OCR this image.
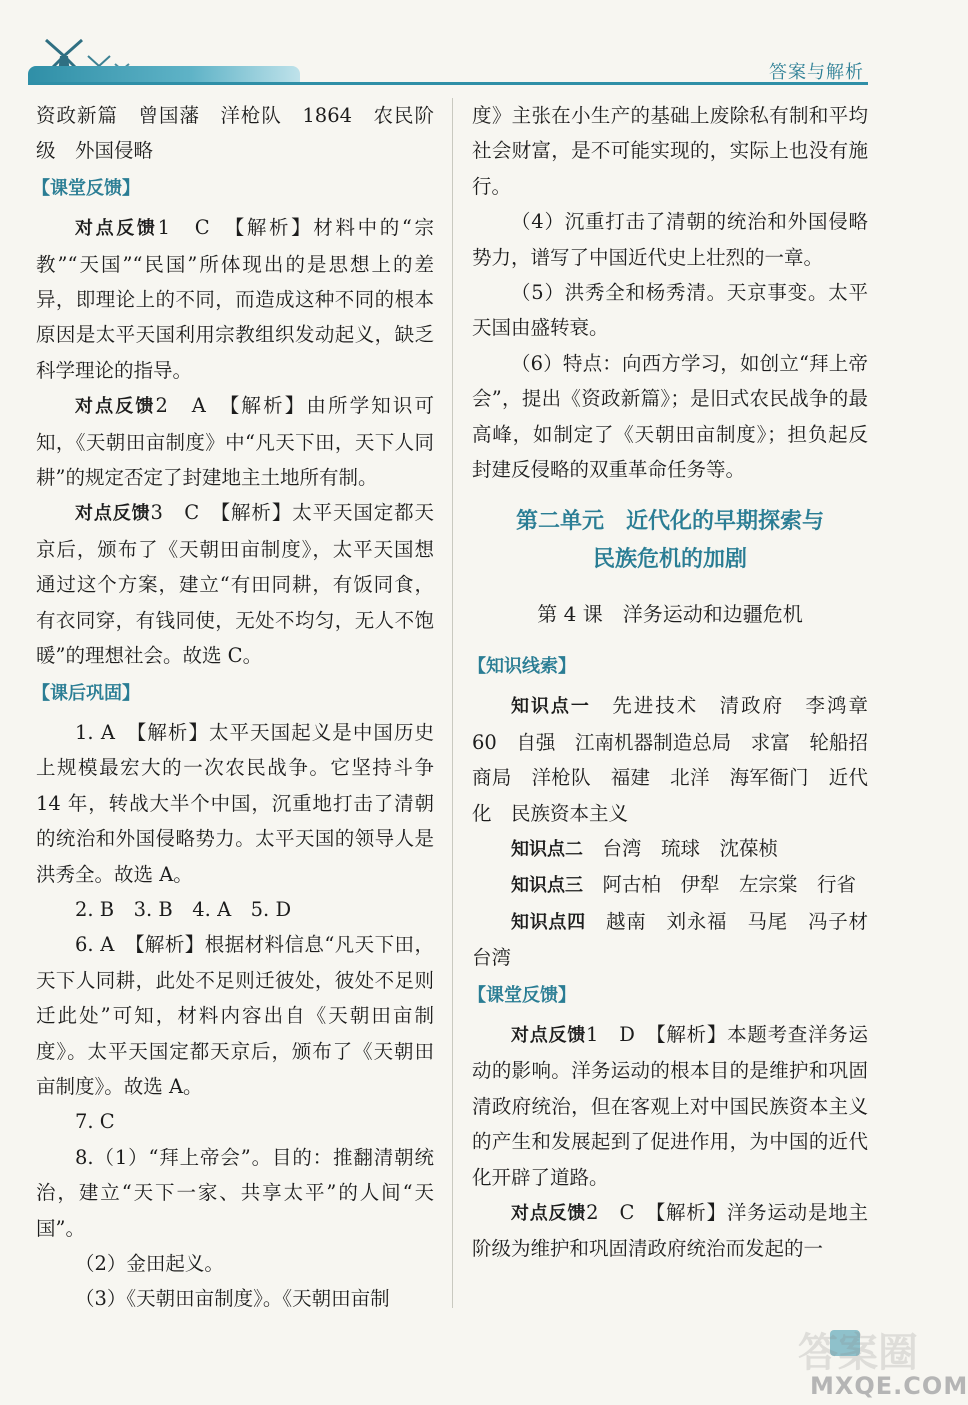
答案与解析

资政新篇　曾国藩　洋枪队　1864　农民阶级　外国侵略

【课堂反馈】

对点反馈1　C　【解析】材料中的“宗教”“天国”“民国”所体现出的是思想上的差异，即理论上的不同，而造成这种不同的根本原因是太平天国利用宗教组织发动起义，缺乏科学理论的指导。

对点反馈2　A　【解析】由所学知识可知，《天朝田亩制度》中“凡天下田，天下人同耕”的规定否定了封建地主土地所有制。

对点反馈3　C　【解析】太平天国定都天京后，颁布了《天朝田亩制度》，太平天国想通过这个方案，建立“有田同耕，有饭同食，有衣同穿，有钱同使，无处不均匀，无人不饱暖”的理想社会。故选 C。

【课后巩固】

1. A　【解析】太平天国起义是中国历史上规模最宏大的一次农民战争。它坚持斗争 14 年，转战大半个中国，沉重地打击了清朝的统治和外国侵略势力。太平天国的领导人是洪秀全。故选 A。

2. B　3. B　4. A　5. D

6. A　【解析】根据材料信息“凡天下田，天下人同耕，此处不足则迁彼处，彼处不足则迁此处”可知，材料内容出自《天朝田亩制度》。太平天国定都天京后，颁布了《天朝田亩制度》。故选 A。

7. C

8.（1）“拜上帝会”。目的：推翻清朝统治，建立“天下一家、共享太平”的人间“天国”。

（2）金田起义。

（3）《天朝田亩制度》。《天朝田亩制

度》主张在小生产的基础上废除私有制和平均社会财富，是不可能实现的，实际上也没有施行。

（4）沉重打击了清朝的统治和外国侵略势力，谱写了中国近代史上壮烈的一章。

（5）洪秀全和杨秀清。天京事变。太平天国由盛转衰。

（6）特点：向西方学习，如创立“拜上帝会”，提出《资政新篇》；是旧式农民战争的最高峰，如制定了《天朝田亩制度》；担负起反封建反侵略的双重革命任务等。

第二单元　近代化的早期探索与
民族危机的加剧
第 4 课　洋务运动和边疆危机
【知识线索】

知识点一　先进技术　清政府　李鸿章　60　自强　江南机器制造总局　求富　轮船招商局　洋枪队　福建　北洋　海军衙门　近代化　民族资本主义

知识点二　台湾　琉球　沈葆桢

知识点三　阿古柏　伊犁　左宗棠　行省

知识点四　越南　刘永福　马尾　冯子材　台湾

【课堂反馈】

对点反馈1　D　【解析】本题考查洋务运动的影响。洋务运动的根本目的是维护和巩固清政府统治，但在客观上对中国民族资本主义的产生和发展起到了促进作用，为中国的近代化开辟了道路。

对点反馈2　C　【解析】洋务运动是地主阶级为维护和巩固清政府统治而发起的一

答案圈
MXQE.COM
